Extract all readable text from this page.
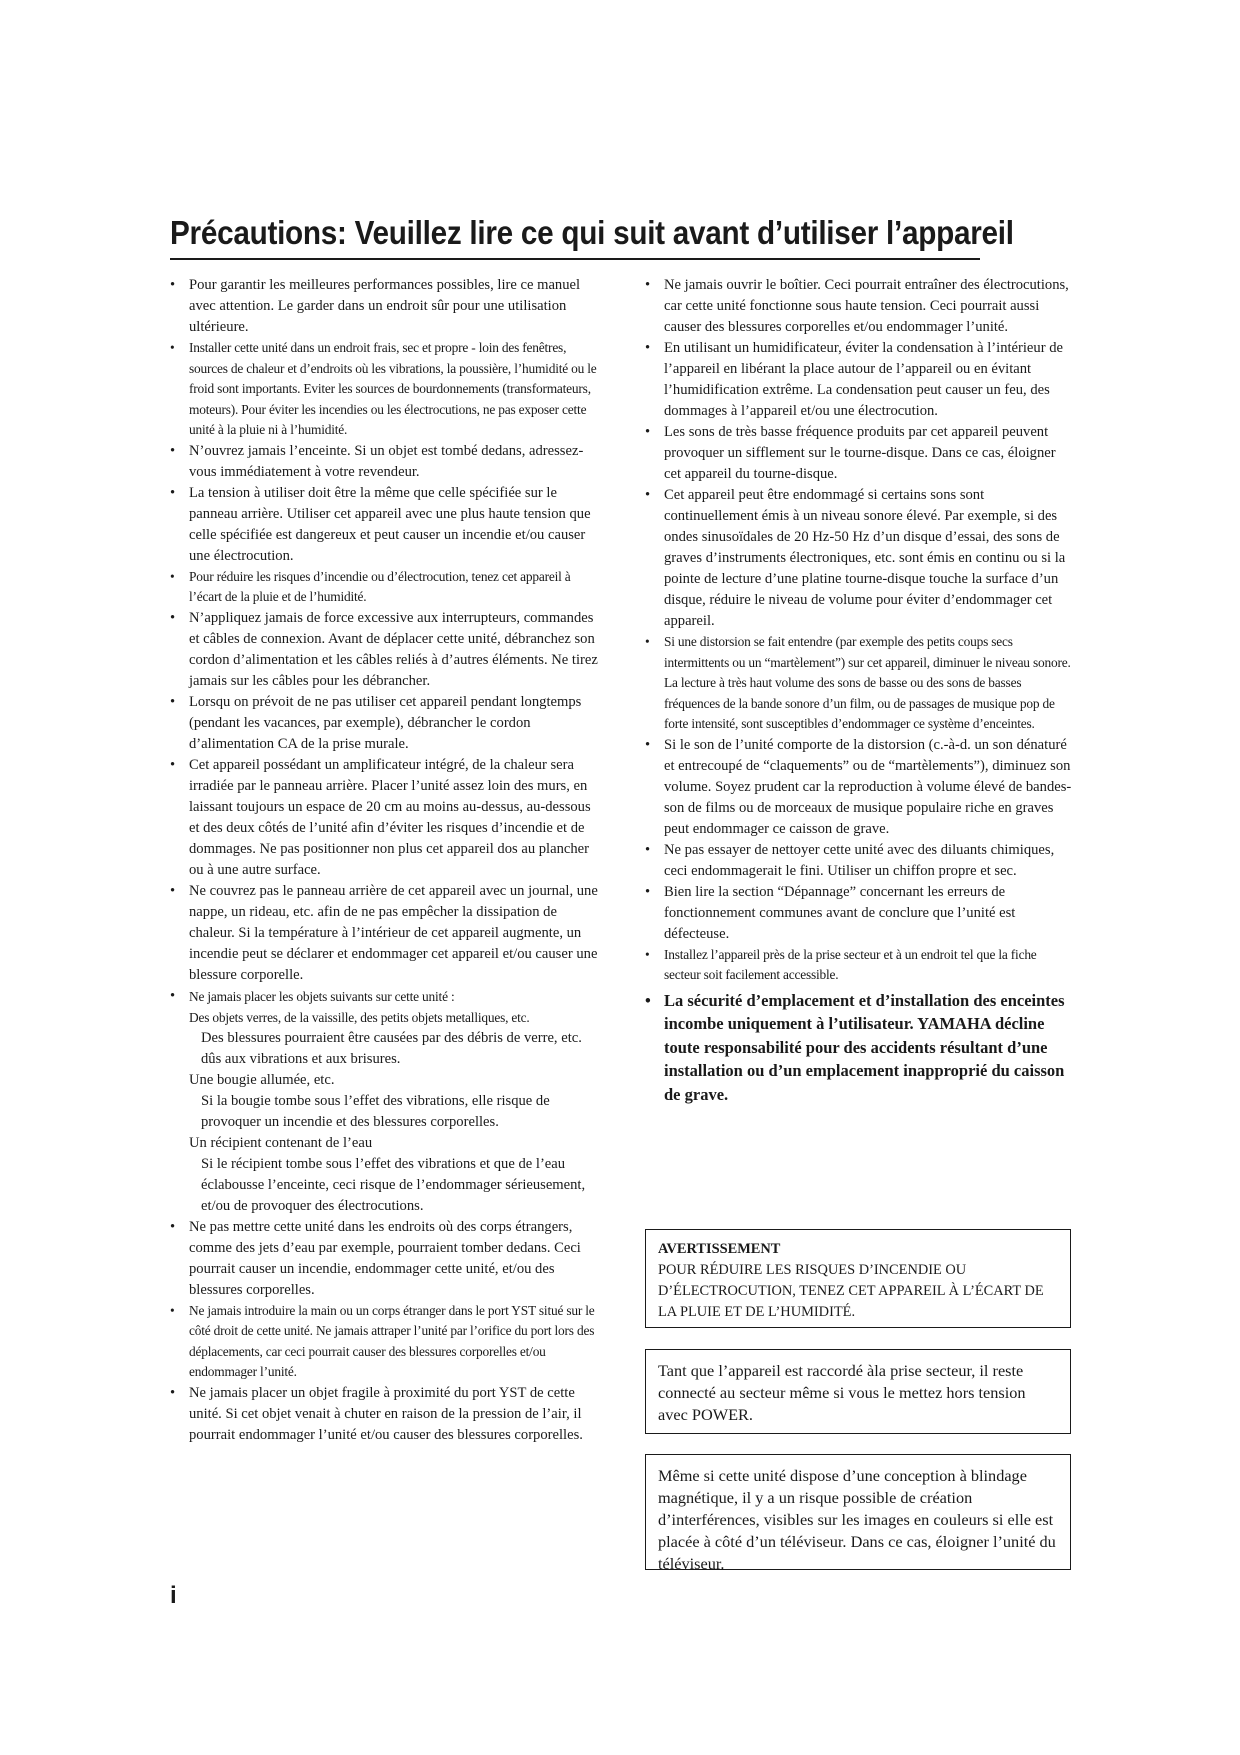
Précautions: Veuillez lire ce qui suit avant d’utiliser l’appareil
• Pour garantir les meilleures performances possibles, lire ce manuel avec attention. Le garder dans un endroit sûr pour une utilisation ultérieure.
• Installer cette unité dans un endroit frais, sec et propre - loin des fenêtres, sources de chaleur et d’endroits où les vibrations, la poussière, l’humidité ou le froid sont importants. Eviter les sources de bourdonnements (transformateurs, moteurs). Pour éviter les incendies ou les électrocutions, ne pas exposer cette unité à la pluie ni à l’humidité.
• N’ouvrez jamais l’enceinte. Si un objet est tombé dedans, adressez-vous immédiatement à votre revendeur.
• La tension à utiliser doit être la même que celle spécifiée sur le panneau arrière. Utiliser cet appareil avec une plus haute tension que celle spécifiée est dangereux et peut causer un incendie et/ou causer une électrocution.
• Pour réduire les risques d’incendie ou d’électrocution, tenez cet appareil à l’écart de la pluie et de l’humidité.
• N’appliquez jamais de force excessive aux interrupteurs, commandes et câbles de connexion. Avant de déplacer cette unité, débranchez son cordon d’alimentation et les câbles reliés à d’autres éléments. Ne tirez jamais sur les câbles pour les débrancher.
• Lorsqu on prévoit de ne pas utiliser cet appareil pendant longtemps (pendant les vacances, par exemple), débrancher le cordon d’alimentation CA de la prise murale.
• Cet appareil possédant un amplificateur intégré, de la chaleur sera irradiée par le panneau arrière. Placer l’unité assez loin des murs, en laissant toujours un espace de 20 cm au moins au-dessus, au-dessous et des deux côtés de l’unité afin d’éviter les risques d’incendie et de dommages. Ne pas positionner non plus cet appareil dos au plancher ou à une autre surface.
• Ne couvrez pas le panneau arrière de cet appareil avec un journal, une nappe, un rideau, etc. afin de ne pas empêcher la dissipation de chaleur. Si la température à l’intérieur de cet appareil augmente, un incendie peut se déclarer et endommager cet appareil et/ou causer une blessure corporelle.
• Ne jamais placer les objets suivants sur cette unité :
Des objets verres, de la vaissille, des petits objets metalliques, etc.
Des blessures pourraient être causées par des débris de verre, etc. dûs aux vibrations et aux brisures.
Une bougie allumée, etc.
Si la bougie tombe sous l’effet des vibrations, elle risque de provoquer un incendie et des blessures corporelles.
Un récipient contenant de l’eau
Si le récipient tombe sous l’effet des vibrations et que de l’eau éclabousse l’enceinte, ceci risque de l’endommager sérieusement, et/ou de provoquer des électrocutions.
• Ne pas mettre cette unité dans les endroits où des corps étrangers, comme des jets d’eau par exemple, pourraient tomber dedans. Ceci pourrait causer un incendie, endommager cette unité, et/ou des blessures corporelles.
• Ne jamais introduire la main ou un corps étranger dans le port YST situé sur le côté droit de cette unité. Ne jamais attraper l’unité par l’orifice du port lors des déplacements, car ceci pourrait causer des blessures corporelles et/ou endommager l’unité.
• Ne jamais placer un objet fragile à proximité du port YST de cette unité. Si cet objet venait à chuter en raison de la pression de l’air, il pourrait endommager l’unité et/ou causer des blessures corporelles.
• Ne jamais ouvrir le boîtier. Ceci pourrait entraîner des électrocutions, car cette unité fonctionne sous haute tension. Ceci pourrait aussi causer des blessures corporelles et/ou endommager l’unité.
• En utilisant un humidificateur, éviter la condensation à l’intérieur de l’appareil en libérant la place autour de l’appareil ou en évitant l’humidification extrême. La condensation peut causer un feu, des dommages à l’appareil et/ou une électrocution.
• Les sons de très basse fréquence produits par cet appareil peuvent provoquer un sifflement sur le tourne-disque. Dans ce cas, éloigner cet appareil du tourne-disque.
• Cet appareil peut être endommagé si certains sons sont continuellement émis à un niveau sonore élevé. Par exemple, si des ondes sinusoïdales de 20 Hz-50 Hz d’un disque d’essai, des sons de graves d’instruments électroniques, etc. sont émis en continu ou si la pointe de lecture d’une platine tourne-disque touche la surface d’un disque, réduire le niveau de volume pour éviter d’endommager cet appareil.
• Si une distorsion se fait entendre (par exemple des petits coups secs intermittents ou un “martèlement”) sur cet appareil, diminuer le niveau sonore. La lecture à très haut volume des sons de basse ou des sons de basses fréquences de la bande sonore d’un film, ou de passages de musique pop de forte intensité, sont susceptibles d’endommager ce système d’enceintes.
• Si le son de l’unité comporte de la distorsion (c.-à-d. un son dénaturé et entrecoupé de “claquements” ou de “martèlements”), diminuez son volume. Soyez prudent car la reproduction à volume élevé de bandes-son de films ou de morceaux de musique populaire riche en graves peut endommager ce caisson de grave.
• Ne pas essayer de nettoyer cette unité avec des diluants chimiques, ceci endommagerait le fini. Utiliser un chiffon propre et sec.
• Bien lire la section “Dépannage” concernant les erreurs de fonctionnement communes avant de conclure que l’unité est défecteuse.
• Installez l’appareil près de la prise secteur et à un endroit tel que la fiche secteur soit facilement accessible.
• La sécurité d’emplacement et d’installation des enceintes incombe uniquement à l’utilisateur. YAMAHA décline toute responsabilité pour des accidents résultant d’une installation ou d’un emplacement inapproprié du caisson de grave.
AVERTISSEMENT
POUR RÉDUIRE LES RISQUES D’INCENDIE OU D’ÉLECTROCUTION, TENEZ CET APPAREIL À L’ÉCART DE LA PLUIE ET DE L’HUMIDITÉ.
Tant que l’appareil est raccordé àla prise secteur, il reste connecté au secteur même si vous le mettez hors tension avec POWER.
Même si cette unité dispose d’une conception à blindage magnétique, il y a un risque possible de création d’interférences, visibles sur les images en couleurs si elle est placée à côté d’un téléviseur. Dans ce cas, éloigner l’unité du téléviseur.
i
